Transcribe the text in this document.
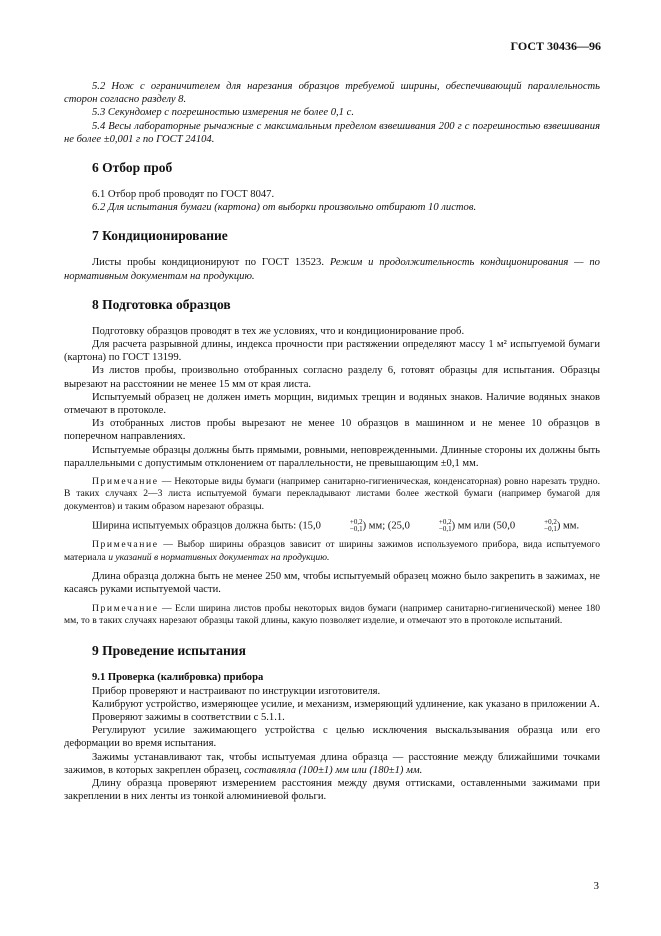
ГОСТ 30436—96

5.2 Нож с ограничителем для нарезания образцов требуемой ширины, обеспечивающий параллельность сторон согласно разделу 8.

5.3 Секундомер с погрешностью измерения не более 0,1 с.

5.4 Весы лабораторные рычажные с максимальным пределом взвешивания 200 г с погрешностью взвешивания не более ±0,001 г по ГОСТ 24104.

6 Отбор проб

6.1 Отбор проб проводят по ГОСТ 8047.

6.2 Для испытания бумаги (картона) от выборки произвольно отбирают 10 листов.

7 Кондиционирование

Листы пробы кондиционируют по ГОСТ 13523. Режим и продолжительность кондиционирования — по нормативным документам на продукцию.

8 Подготовка образцов

Подготовку образцов проводят в тех же условиях, что и кондиционирование проб.

Для расчета разрывной длины, индекса прочности при растяжении определяют массу 1 м² испытуемой бумаги (картона) по ГОСТ 13199.

Из листов пробы, произвольно отобранных согласно разделу 6, готовят образцы для испытания. Образцы вырезают на расстоянии не менее 15 мм от края листа.

Испытуемый образец не должен иметь морщин, видимых трещин и водяных знаков. Наличие водяных знаков отмечают в протоколе.

Из отобранных листов пробы вырезают не менее 10 образцов в машинном и не менее 10 образцов в поперечном направлениях.

Испытуемые образцы должны быть прямыми, ровными, неповрежденными. Длинные стороны их должны быть параллельными с допустимым отклонением от параллельности, не превышающим ±0,1 мм.

Примечание — Некоторые виды бумаги (например санитарно-гигиеническая, конденсаторная) ровно нарезать трудно. В таких случаях 2—3 листа испытуемой бумаги перекладывают листами более жесткой бумаги (например бумагой для документов) и таким образом нарезают образцы.

Ширина испытуемых образцов должна быть: (15,0	+0,2
−0,1 ) мм; (25,0	+0,2
−0,1 ) мм или (50,0	+0,2
−0,1 ) мм.

Примечание — Выбор ширины образцов зависит от ширины зажимов используемого прибора, вида испытуемого материала и указаний в нормативных документах на продукцию.

Длина образца должна быть не менее 250 мм, чтобы испытуемый образец можно было закрепить в зажимах, не касаясь руками испытуемой части.

Примечание — Если ширина листов пробы некоторых видов бумаги (например санитарно-гигиенической) менее 180 мм, то в таких случаях нарезают образцы такой длины, какую позволяет изделие, и отмечают это в протоколе испытаний.

9 Проведение испытания
9.1 Проверка (калибровка) прибора

Прибор проверяют и настраивают по инструкции изготовителя.

Калибруют устройство, измеряющее усилие, и механизм, измеряющий удлинение, как указано в приложении А.

Проверяют зажимы в соответствии с 5.1.1.

Регулируют усилие зажимающего устройства с целью исключения выскальзывания образца или его деформации во время испытания.

Зажимы устанавливают так, чтобы испытуемая длина образца — расстояние между ближайшими точками зажимов, в которых закреплен образец, составляла (100±1) мм или (180±1) мм.

Длину образца проверяют измерением расстояния между двумя оттисками, оставленными зажимами при закреплении в них ленты из тонкой алюминиевой фольги.

3
